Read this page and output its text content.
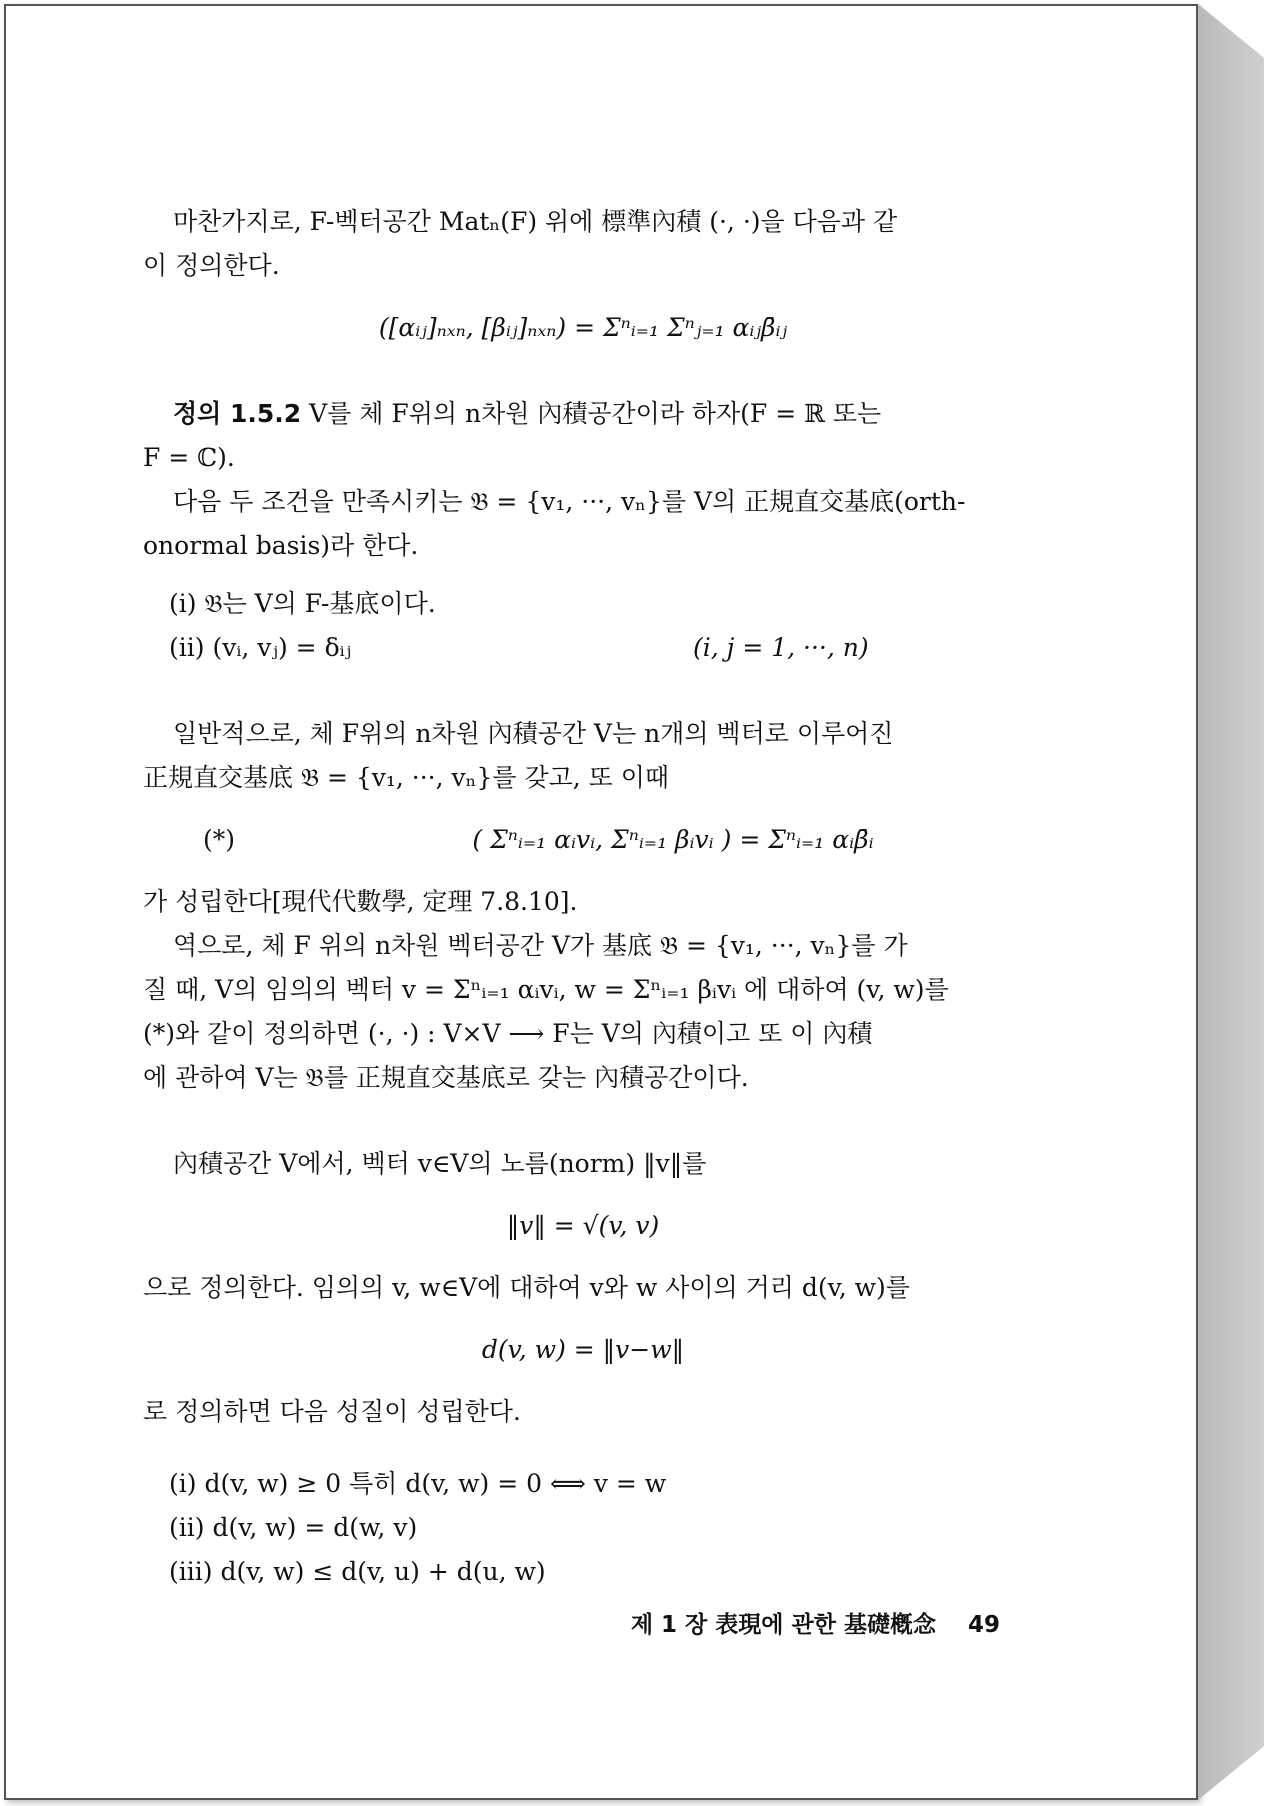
마찬가지로, F-벡터공간 Matₙ(F) 위에 標準內積 (·, ·)을 다음과 같

이 정의한다.

([αᵢⱼ]ₙₓₙ, [βᵢⱼ]ₙₓₙ) = Σⁿᵢ₌₁ Σⁿⱼ₌₁ αᵢⱼβ̄ᵢⱼ

정의 1.5.2 V를 체 F위의 n차원 內積공간이라 하자(F = ℝ 또는

F = ℂ).

다음 두 조건을 만족시키는 𝔅 = {v₁, ···, vₙ}를 V의 正規直交基底(orth-

onormal basis)라 한다.

(i) 𝔅는 V의 F-基底이다.

(ii) (vᵢ, vⱼ) = δᵢⱼ	(i, j = 1, ···, n)

일반적으로, 체 F위의 n차원 內積공간 V는 n개의 벡터로 이루어진

正規直交基底 𝔅 = {v₁, ···, vₙ}를 갖고, 또 이때

(*)	( Σⁿᵢ₌₁ αᵢvᵢ, Σⁿᵢ₌₁ βᵢvᵢ ) = Σⁿᵢ₌₁ αᵢβ̄ᵢ

가 성립한다[現代代數學, 定理 7.8.10].

역으로, 체 F 위의 n차원 벡터공간 V가 基底 𝔅 = {v₁, ···, vₙ}를 가

질 때, V의 임의의 벡터 v = Σⁿᵢ₌₁ αᵢvᵢ, w = Σⁿᵢ₌₁ βᵢvᵢ 에 대하여 (v, w)를

(*)와 같이 정의하면 (·, ·) : V×V ⟶ F는 V의 內積이고 또 이 內積

에 관하여 V는 𝔅를 正規直交基底로 갖는 內積공간이다.

內積공간 V에서, 벡터 v∈V의 노름(norm) ‖v‖를

‖v‖ = √(v, v)

으로 정의한다. 임의의 v, w∈V에 대하여 v와 w 사이의 거리 d(v, w)를

d(v, w) = ‖v−w‖

로 정의하면 다음 성질이 성립한다.

(i) d(v, w) ≥ 0 특히 d(v, w) = 0 ⟺ v = w

(ii) d(v, w) = d(w, v)

(iii) d(v, w) ≤ d(v, u) + d(u, w)

제 1 장 表現에 관한 基礎槪念 49
